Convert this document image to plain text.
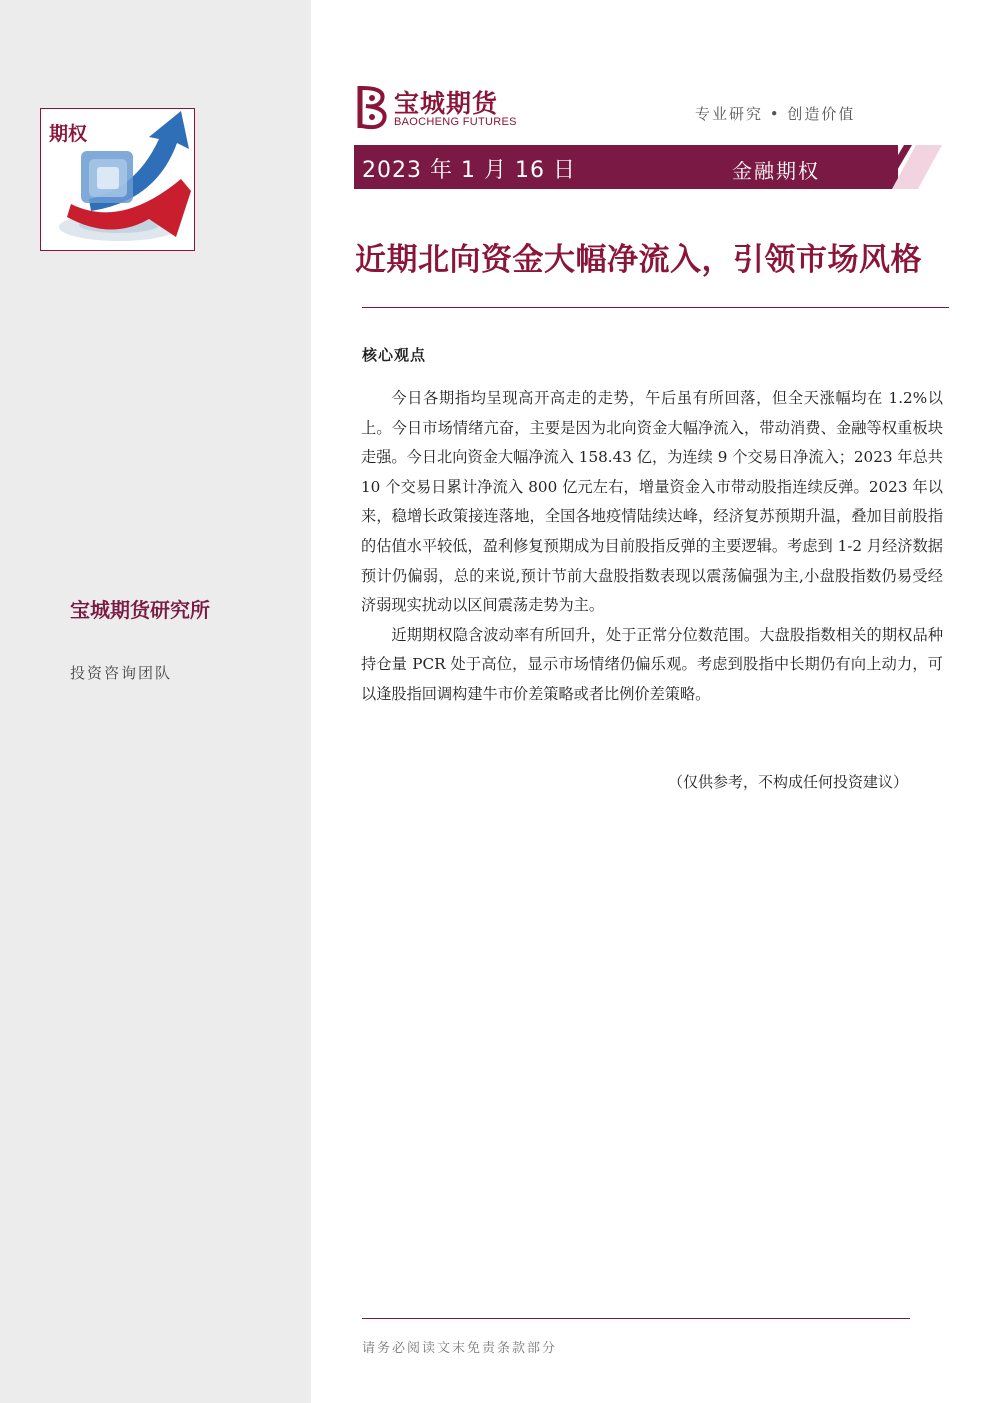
期权
宝城期货研究所
投资咨询团队
宝城期货
BAOCHENG FUTURES	专业研究 • 创造价值
2023 年 1 月 16 日	金融期权
近期北向资金大幅净流入，引领市场风格
核心观点

今日各期指均呈现高开高走的走势，午后虽有所回落，但全天涨幅均在 1.2%以上。今日市场情绪亢奋，主要是因为北向资金大幅净流入，带动消费、金融等权重板块走强。今日北向资金大幅净流入 158.43 亿，为连续 9 个交易日净流入；2023 年总共 10 个交易日累计净流入 800 亿元左右，增量资金入市带动股指连续反弹。2023 年以来，稳增长政策接连落地，全国各地疫情陆续达峰，经济复苏预期升温，叠加目前股指的估值水平较低，盈利修复预期成为目前股指反弹的主要逻辑。考虑到 1-2 月经济数据预计仍偏弱，总的来说,预计节前大盘股指数表现以震荡偏强为主,小盘股指数仍易受经济弱现实扰动以区间震荡走势为主。

近期期权隐含波动率有所回升，处于正常分位数范围。大盘股指数相关的期权品种持仓量 PCR 处于高位，显示市场情绪仍偏乐观。考虑到股指中长期仍有向上动力，可以逢股指回调构建牛市价差策略或者比例价差策略。

（仅供参考，不构成任何投资建议）
请务必阅读文末免责条款部分
